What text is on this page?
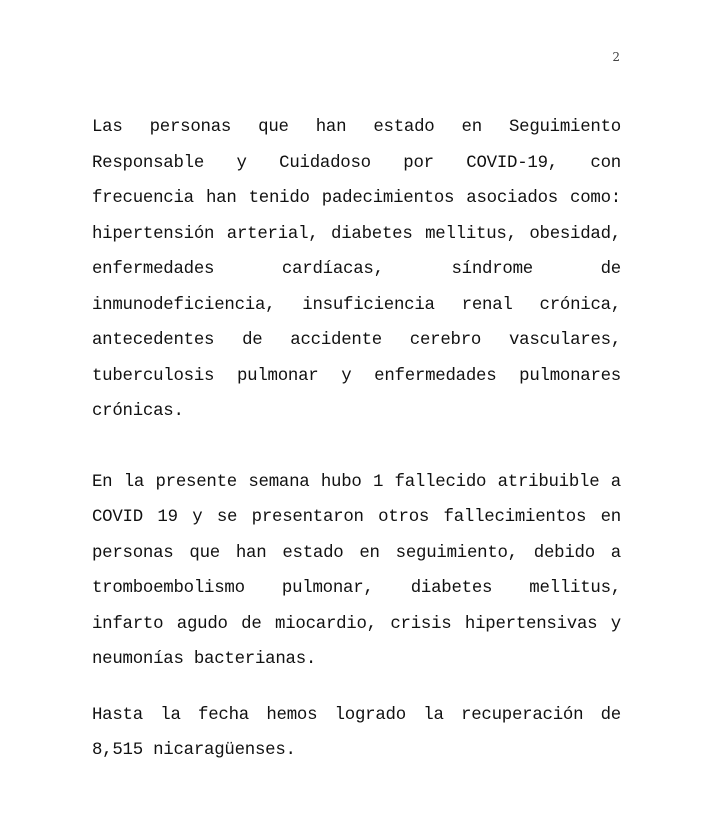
2

Las personas que han estado en Seguimiento Responsable y Cuidadoso por COVID-19, con frecuencia han tenido padecimientos asociados como: hipertensión arterial, diabetes mellitus, obesidad, enfermedades cardíacas, síndrome de inmunodeficiencia, insuficiencia renal crónica, antecedentes de accidente cerebro vasculares, tuberculosis pulmonar y enfermedades pulmonares crónicas.

En la presente semana hubo 1 fallecido atribuible a COVID 19 y se presentaron otros fallecimientos en personas que han estado en seguimiento, debido a tromboembolismo pulmonar, diabetes mellitus, infarto agudo de miocardio, crisis hipertensivas y neumonías bacterianas.

Hasta la fecha hemos logrado la recuperación de 8,515 nicaragüenses.
